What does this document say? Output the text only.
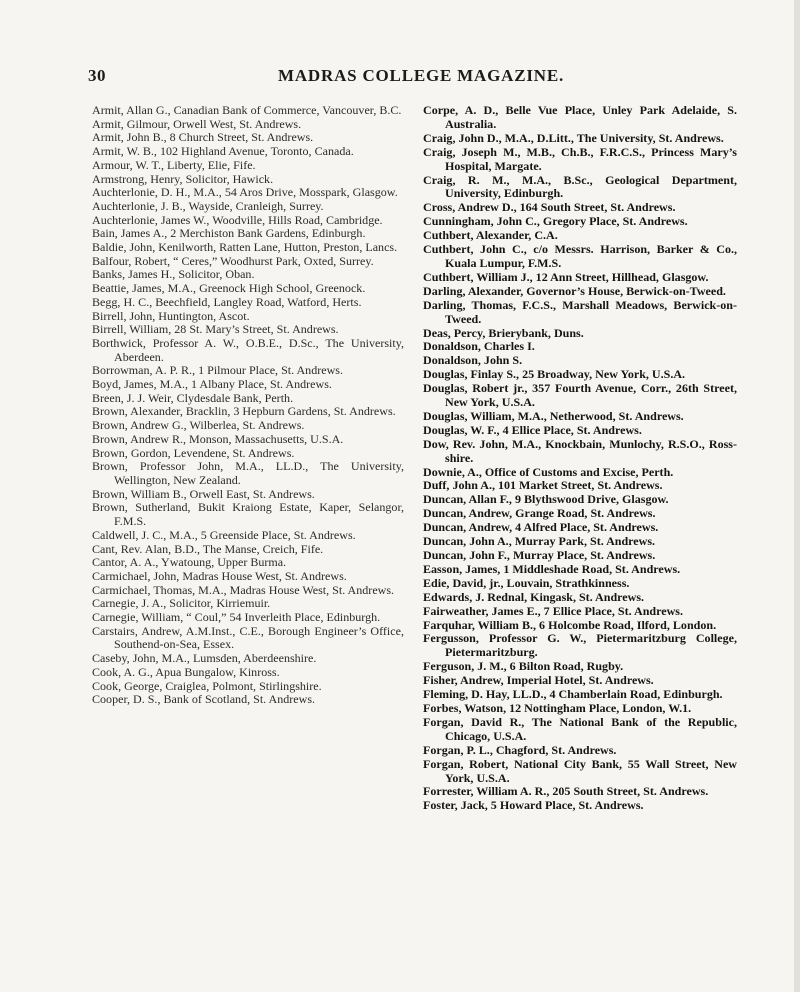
30	MADRAS COLLEGE MAGAZINE.

Armit, Allan G., Canadian Bank of Commerce, Vancouver, B.C.

Armit, Gilmour, Orwell West, St. Andrews.

Armit, John B., 8 Church Street, St. Andrews.

Armit, W. B., 102 Highland Avenue, Toronto, Canada.

Armour, W. T., Liberty, Elie, Fife.

Armstrong, Henry, Solicitor, Hawick.

Auchterlonie, D. H., M.A., 54 Aros Drive, Mosspark, Glasgow.

Auchterlonie, J. B., Wayside, Cranleigh, Surrey.

Auchterlonie, James W., Woodville, Hills Road, Cambridge.

Bain, James A., 2 Merchiston Bank Gardens, Edinburgh.

Baldie, John, Kenilworth, Ratten Lane, Hutton, Preston, Lancs.

Balfour, Robert, “ Ceres,” Woodhurst Park, Oxted, Surrey.

Banks, James H., Solicitor, Oban.

Beattie, James, M.A., Greenock High School, Greenock.

Begg, H. C., Beechfield, Langley Road, Watford, Herts.

Birrell, John, Huntington, Ascot.

Birrell, William, 28 St. Mary’s Street, St. Andrews.

Borthwick, Professor A. W., O.B.E., D.Sc., The University, Aberdeen.

Borrowman, A. P. R., 1 Pilmour Place, St. Andrews.

Boyd, James, M.A., 1 Albany Place, St. Andrews.

Breen, J. J. Weir, Clydesdale Bank, Perth.

Brown, Alexander, Bracklin, 3 Hepburn Gardens, St. Andrews.

Brown, Andrew G., Wilberlea, St. Andrews.

Brown, Andrew R., Monson, Massachusetts, U.S.A.

Brown, Gordon, Levendene, St. Andrews.

Brown, Professor John, M.A., LL.D., The University, Wellington, New Zealand.

Brown, William B., Orwell East, St. Andrews.

Brown, Sutherland, Bukit Kraiong Estate, Kaper, Selangor, F.M.S.

Caldwell, J. C., M.A., 5 Greenside Place, St. Andrews.

Cant, Rev. Alan, B.D., The Manse, Creich, Fife.

Cantor, A. A., Ywatoung, Upper Burma.

Carmichael, John, Madras House West, St. Andrews.

Carmichael, Thomas, M.A., Madras House West, St. Andrews.

Carnegie, J. A., Solicitor, Kirriemuir.

Carnegie, William, “ Coul,” 54 Inverleith Place, Edinburgh.

Carstairs, Andrew, A.M.Inst., C.E., Borough Engineer’s Office, Southend-on-Sea, Essex.

Caseby, John, M.A., Lumsden, Aberdeenshire.

Cook, A. G., Apua Bungalow, Kinross.

Cook, George, Craiglea, Polmont, Stirlingshire.

Cooper, D. S., Bank of Scotland, St. Andrews.

Corpe, A. D., Belle Vue Place, Unley Park Adelaide, S. Australia.

Craig, John D., M.A., D.Litt., The University, St. Andrews.

Craig, Joseph M., M.B., Ch.B., F.R.C.S., Princess Mary’s Hospital, Margate.

Craig, R. M., M.A., B.Sc., Geological Department, University, Edinburgh.

Cross, Andrew D., 164 South Street, St. Andrews.

Cunningham, John C., Gregory Place, St. Andrews.

Cuthbert, Alexander, C.A.

Cuthbert, John C., c/o Messrs. Harrison, Barker & Co., Kuala Lumpur, F.M.S.

Cuthbert, William J., 12 Ann Street, Hillhead, Glasgow.

Darling, Alexander, Governor’s House, Berwick-on-Tweed.

Darling, Thomas, F.C.S., Marshall Meadows, Berwick-on-Tweed.

Deas, Percy, Brierybank, Duns.

Donaldson, Charles I.

Donaldson, John S.

Douglas, Finlay S., 25 Broadway, New York, U.S.A.

Douglas, Robert jr., 357 Fourth Avenue, Corr., 26th Street, New York, U.S.A.

Douglas, William, M.A., Netherwood, St. Andrews.

Douglas, W. F., 4 Ellice Place, St. Andrews.

Dow, Rev. John, M.A., Knockbain, Munlochy, R.S.O., Ross-shire.

Downie, A., Office of Customs and Excise, Perth.

Duff, John A., 101 Market Street, St. Andrews.

Duncan, Allan F., 9 Blythswood Drive, Glasgow.

Duncan, Andrew, Grange Road, St. Andrews.

Duncan, Andrew, 4 Alfred Place, St. Andrews.

Duncan, John A., Murray Park, St. Andrews.

Duncan, John F., Murray Place, St. Andrews.

Easson, James, 1 Middleshade Road, St. Andrews.

Edie, David, jr., Louvain, Strathkinness.

Edwards, J. Rednal, Kingask, St. Andrews.

Fairweather, James E., 7 Ellice Place, St. Andrews.

Farquhar, William B., 6 Holcombe Road, Ilford, London.

Fergusson, Professor G. W., Pietermaritzburg College, Pietermaritzburg.

Ferguson, J. M., 6 Bilton Road, Rugby.

Fisher, Andrew, Imperial Hotel, St. Andrews.

Fleming, D. Hay, LL.D., 4 Chamberlain Road, Edinburgh.

Forbes, Watson, 12 Nottingham Place, London, W.1.

Forgan, David R., The National Bank of the Republic, Chicago, U.S.A.

Forgan, P. L., Chagford, St. Andrews.

Forgan, Robert, National City Bank, 55 Wall Street, New York, U.S.A.

Forrester, William A. R., 205 South Street, St. Andrews.

Foster, Jack, 5 Howard Place, St. Andrews.
